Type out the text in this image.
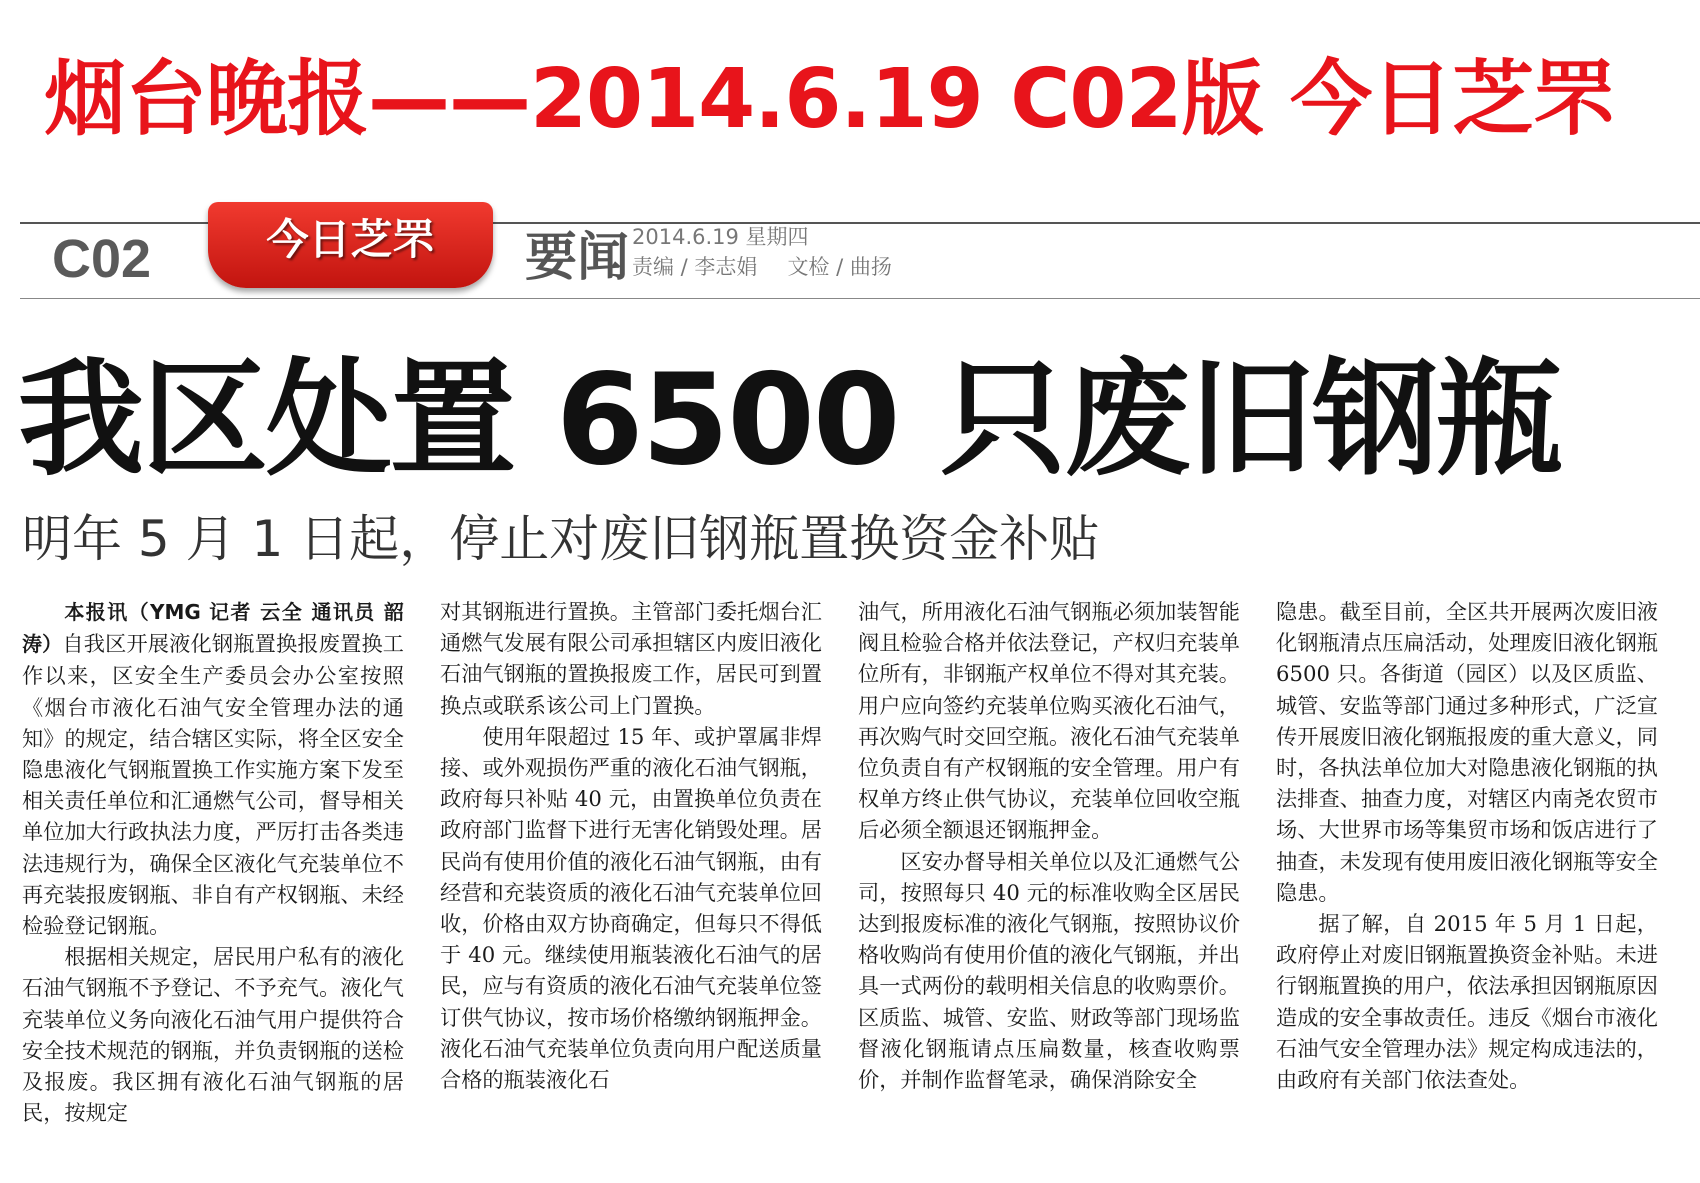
烟台晚报——2014.6.19 C02版 今日芝罘
C02	今日芝罘	要闻 2014.6.19 星期四
责编 / 李志娟 文检 / 曲扬
我区处置 6500 只废旧钢瓶
明年 5 月 1 日起，停止对废旧钢瓶置换资金补贴

本报讯（YMG 记者 云全 通讯员 韶涛）自我区开展液化钢瓶置换报废置换工作以来，区安全生产委员会办公室按照《烟台市液化石油气安全管理办法的通知》的规定，结合辖区实际，将全区安全隐患液化气钢瓶置换工作实施方案下发至相关责任单位和汇通燃气公司，督导相关单位加大行政执法力度，严厉打击各类违法违规行为，确保全区液化气充装单位不再充装报废钢瓶、非自有产权钢瓶、未经检验登记钢瓶。

根据相关规定，居民用户私有的液化石油气钢瓶不予登记、不予充气。液化气充装单位义务向液化石油气用户提供符合安全技术规范的钢瓶，并负责钢瓶的送检及报废。我区拥有液化石油气钢瓶的居民，按规定

对其钢瓶进行置换。主管部门委托烟台汇通燃气发展有限公司承担辖区内废旧液化石油气钢瓶的置换报废工作，居民可到置换点或联系该公司上门置换。

使用年限超过 15 年、或护罩属非焊接、或外观损伤严重的液化石油气钢瓶，政府每只补贴 40 元，由置换单位负责在政府部门监督下进行无害化销毁处理。居民尚有使用价值的液化石油气钢瓶，由有经营和充装资质的液化石油气充装单位回收，价格由双方协商确定，但每只不得低于 40 元。继续使用瓶装液化石油气的居民，应与有资质的液化石油气充装单位签订供气协议，按市场价格缴纳钢瓶押金。液化石油气充装单位负责向用户配送质量合格的瓶装液化石

油气，所用液化石油气钢瓶必须加装智能阀且检验合格并依法登记，产权归充装单位所有，非钢瓶产权单位不得对其充装。用户应向签约充装单位购买液化石油气，再次购气时交回空瓶。液化石油气充装单位负责自有产权钢瓶的安全管理。用户有权单方终止供气协议，充装单位回收空瓶后必须全额退还钢瓶押金。

区安办督导相关单位以及汇通燃气公司，按照每只 40 元的标准收购全区居民达到报废标准的液化气钢瓶，按照协议价格收购尚有使用价值的液化气钢瓶，并出具一式两份的载明相关信息的收购票价。区质监、城管、安监、财政等部门现场监督液化钢瓶请点压扁数量，核查收购票价，并制作监督笔录，确保消除安全

隐患。截至目前，全区共开展两次废旧液化钢瓶清点压扁活动，处理废旧液化钢瓶 6500 只。各街道（园区）以及区质监、城管、安监等部门通过多种形式，广泛宣传开展废旧液化钢瓶报废的重大意义，同时，各执法单位加大对隐患液化钢瓶的执法排查、抽查力度，对辖区内南尧农贸市场、大世界市场等集贸市场和饭店进行了抽查，未发现有使用废旧液化钢瓶等安全隐患。

据了解，自 2015 年 5 月 1 日起，政府停止对废旧钢瓶置换资金补贴。未进行钢瓶置换的用户，依法承担因钢瓶原因造成的安全事故责任。违反《烟台市液化石油气安全管理办法》规定构成违法的，由政府有关部门依法查处。
